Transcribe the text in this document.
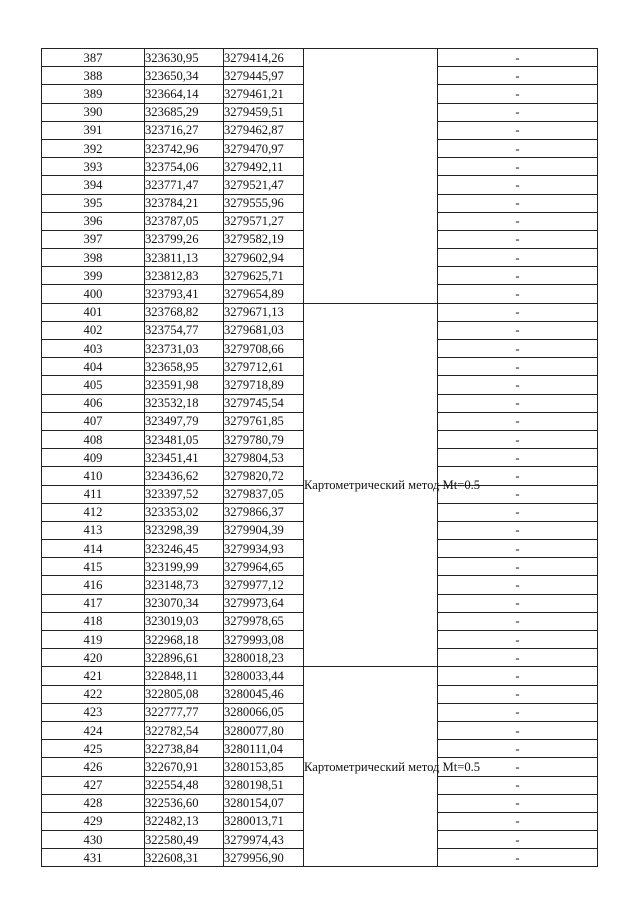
387	323630,95	3279414,26		-
388	323650,34	3279445,97		-
389	323664,14	3279461,21		-
390	323685,29	3279459,51		-
391	323716,27	3279462,87		-
392	323742,96	3279470,97		-
393	323754,06	3279492,11		-
394	323771,47	3279521,47		-
395	323784,21	3279555,96		-
396	323787,05	3279571,27		-
397	323799,26	3279582,19		-
398	323811,13	3279602,94		-
399	323812,83	3279625,71		-
400	323793,41	3279654,89		-
401	323768,82	3279671,13	Картометрический метод Mt=0.5	-
402	323754,77	3279681,03		-
403	323731,03	3279708,66		-
404	323658,95	3279712,61		-
405	323591,98	3279718,89		-
406	323532,18	3279745,54		-
407	323497,79	3279761,85		-
408	323481,05	3279780,79		-
409	323451,41	3279804,53		-
410	323436,62	3279820,72		-
411	323397,52	3279837,05		-
412	323353,02	3279866,37		-
413	323298,39	3279904,39		-
414	323246,45	3279934,93		-
415	323199,99	3279964,65		-
416	323148,73	3279977,12		-
417	323070,34	3279973,64		-
418	323019,03	3279978,65		-
419	322968,18	3279993,08		-
420	322896,61	3280018,23		-
421	322848,11	3280033,44	Картометрический метод Mt=0.5	-
422	322805,08	3280045,46		-
423	322777,77	3280066,05		-
424	322782,54	3280077,80		-
425	322738,84	3280111,04		-
426	322670,91	3280153,85		-
427	322554,48	3280198,51		-
428	322536,60	3280154,07		-
429	322482,13	3280013,71		-
430	322580,49	3279974,43		-
431	322608,31	3279956,90		-
